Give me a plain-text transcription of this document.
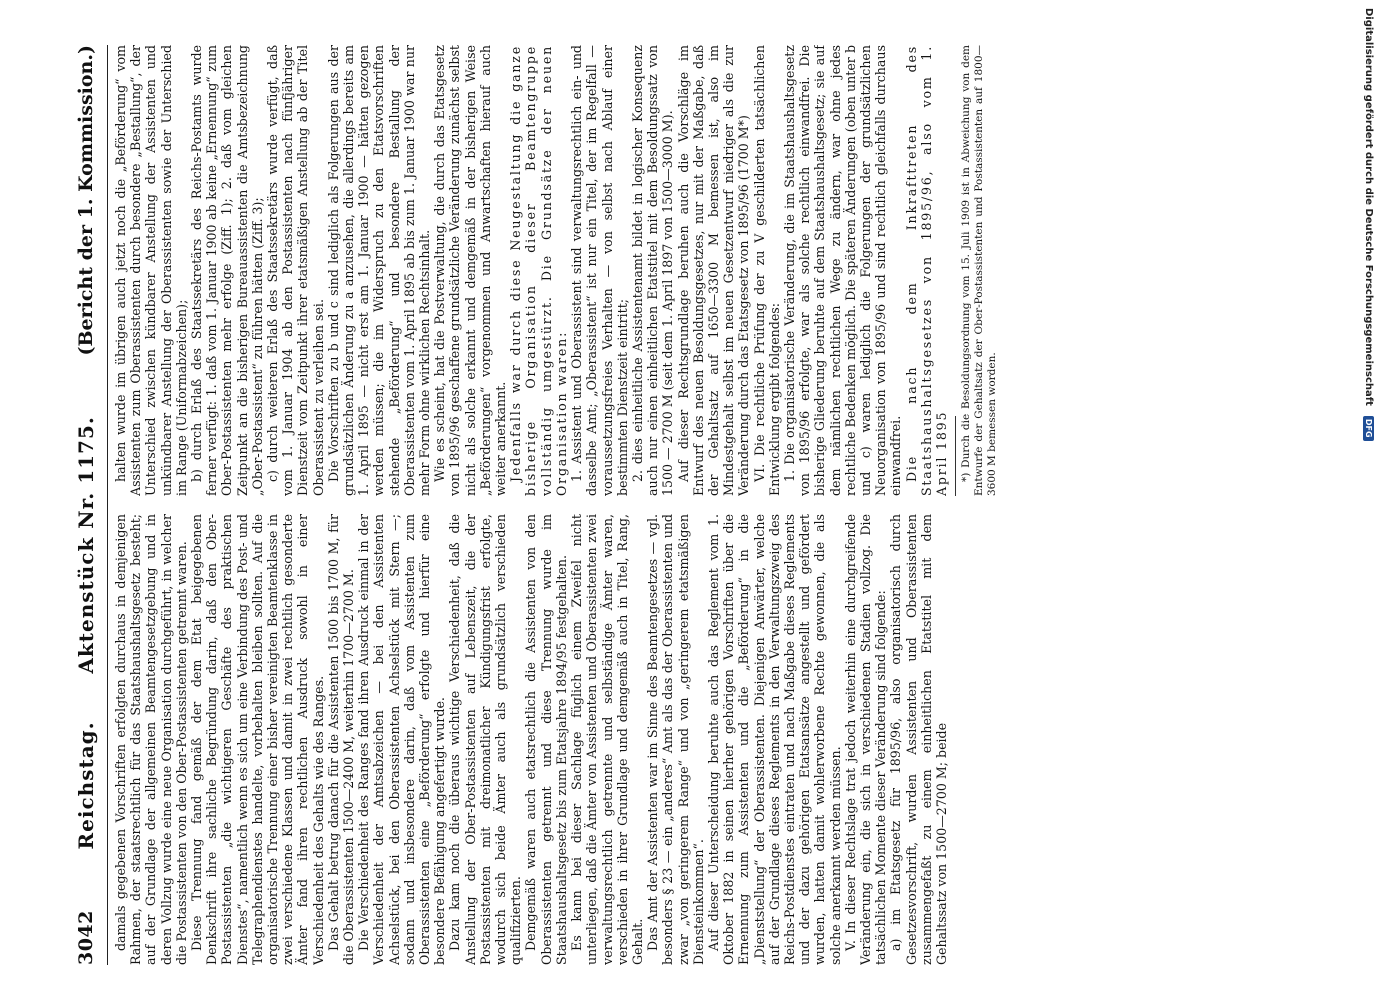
3042
Reichstag.      Aktenstück Nr. 1175.
(Bericht der 1. Kommission.)

damals gegebenen Vorschriften erfolgten durchaus in demjenigen Rahmen, der staatsrechtlich für das Staatshaushaltsgesetz besteht; auf der Grundlage der allgemeinen Beamtengesetzgebung und in deren Vollzug wurde eine neue Organisation durchgeführt, in welcher die Postassistenten von den Ober-Postassistenten getrennt waren. Diese Trennung fand gemäß der dem Etat beigegebenen Denkschrift ihre sachliche Begründung darin, daß den Ober-Postassistenten „die wichtigeren Geschäfte des praktischen Dienstes“, namentlich wenn es sich um eine Verbindung des Post- und Telegraphendienstes handelte, vorbehalten bleiben sollten. Auf die organisatorische Trennung einer bisher vereinigten Beamtenklasse in zwei verschiedene Klassen und damit in zwei rechtlich gesonderte Ämter fand ihren rechtlichen Ausdruck sowohl in einer Verschiedenheit des Gehalts wie des Ranges. Das Gehalt betrug danach für die Assistenten 1500 bis 1700 M, für die Oberassistenten 1500—2400 M, weiterhin 1700—2700 M. Die Verschiedenheit des Ranges fand ihren Ausdruck einmal in der Verschiedenheit der Amtsabzeichen — bei den Assistenten Achselstück, bei den Oberassistenten Achselstück mit Stern —; sodann und insbesondere darin, daß vom Assistenten zum Oberassistenten eine „Beförderung“ erfolgte und hierfür eine besondere Befähigung angefertigt wurde. Dazu kam noch die überaus wichtige Verschiedenheit, daß die Anstellung der Ober-Postassistenten auf Lebenszeit, die der Postassistenten mit dreimonatlicher Kündigungsfrist erfolgte, wodurch sich beide Ämter auch als grundsätzlich verschieden qualifizierten. Demgemäß waren auch etatsrechtlich die Assistenten von den Oberassistenten getrennt und diese Trennung wurde im Staatshaushaltsgesetz bis zum Etatsjahre 1894/95 festgehalten. Es kann bei dieser Sachlage füglich einem Zweifel nicht unterliegen, daß die Ämter von Assistenten und Oberassistenten zwei verwaltungsrechtlich getrennte und selbständige Ämter waren, verschieden in ihrer Grundlage und demgemäß auch in Titel, Rang, Gehalt. Das Amt der Assistenten war im Sinne des Beamtengesetzes — vgl. besonders § 23 — ein „anderes“ Amt als das der Oberassistenten und zwar „von geringerem Range“ und von „geringerem etatsmäßigen Diensteinkommen“. Auf dieser Unterscheidung beruhte auch das Reglement vom 1. Oktober 1882 in seinen hierher gehörigen Vorschriften über die Ernennung zum Assistenten und die „Beförderung“ in die „Dienststellung“ der Oberassistenten. Diejenigen Anwärter, welche auf der Grundlage dieses Reglements in den Verwaltungszweig des Reichs-Postdienstes eintraten und nach Maßgabe dieses Reglements und der dazu gehörigen Etatsansätze angestellt und gefördert wurden, hatten damit wohlerworbene Rechte gewonnen, die als solche anerkannt werden müssen. V. In dieser Rechtslage trat jedoch weiterhin eine durchgreifende Veränderung ein, die sich in verschiedenen Stadien vollzog. Die tatsächlichen Momente dieser Veränderung sind folgende: a) im Etatsgesetz für 1895/96, also organisatorisch durch Gesetzesvorschrift, wurden Assistenten und Oberassistenten zusammengefaßt zu einem einheitlichen Etatstitel mit dem Gehaltssatz von 1500—2700 M; beide

halten wurde im übrigen auch jetzt noch die „Beförderung“ vom Assistenten zum Oberassistenten durch besondere „Bestallung“, der Unterschied zwischen kündbarer Anstellung der Assistenten und unkündbarer Anstellung der Oberassistenten sowie der Unterschied im Range (Uniformabzeichen); b) durch Erlaß des Staatssekretärs des Reichs-Postamts wurde ferner verfügt: 1. daß vom 1. Januar 1900 ab keine „Ernennung“ zum Ober-Postassistenten mehr erfolge (Ziff. 1); 2. daß vom gleichen Zeitpunkt an die bisherigen Bureauassistenten die Amtsbezeichnung „Ober-Postassistent“ zu führen hätten (Ziff. 3); c) durch weiteren Erlaß des Staatssekretärs wurde verfügt, daß vom 1. Januar 1904 ab den Postassistenten nach fünfjähriger Dienstzeit vom Zeitpunkt ihrer etatsmäßigen Anstellung ab der Titel Oberassistent zu verleihen sei. Die Vorschriften zu b und c sind lediglich als Folgerungen aus der grundsätzlichen Änderung zu a anzusehen, die allerdings bereits am 1. April 1895 — nicht erst am 1. Januar 1900 — hätten gezogen werden müssen; die im Widerspruch zu den Etatsvorschriften stehende „Beförderung“ und besondere Bestallung der Oberassistenten vom 1. April 1895 ab bis zum 1. Januar 1900 war nur mehr Form ohne wirklichen Rechtsinhalt. Wie es scheint, hat die Postverwaltung, die durch das Etatsgesetz von 1895/96 geschaffene grundsätzliche Veränderung zunächst selbst nicht als solche erkannt und demgemäß in der bisherigen Weise „Beförderungen“ vorgenommen und Anwartschaften hierauf auch weiter anerkannt. Jedenfalls war durch diese Neugestaltung die ganze bisherige Organisation dieser Beamtengruppe vollständig umgestürzt. Die Grundsätze der neuen Organisation waren: 1. Assistent und Oberassistent sind verwaltungsrechtlich ein- und dasselbe Amt; „Oberassistent“ ist nur ein Titel, der im Regelfall — voraussetzungsfreies Verhalten — von selbst nach Ablauf einer bestimmten Dienstzeit eintritt; 2. dies einheitliche Assistentenamt bildet in logischer Konsequenz auch nur einen einheitlichen Etatstitel mit dem Besoldungssatz von 1500 — 2700 M (seit dem 1. April 1897 von 1500—3000 M). Auf dieser Rechtsgrundlage beruhen auch die Vorschläge im Entwurf des neuen Besoldungsgesetzes, nur mit der Maßgabe, daß der Gehaltsatz auf 1650—3300 M bemessen ist, also im Mindestgehalt selbst im neuen Gesetzentwurf niedriger als die zur Veränderung durch das Etatsgesetz von 1895/96 (1700 M*) VI. Die rechtliche Prüfung der zu V geschilderten tatsächlichen Entwicklung ergibt folgendes: 1. Die organisatorische Veränderung, die im Staatshaushaltsgesetz von 1895/96 erfolgte, war als solche rechtlich einwandfrei. Die bisherige Gliederung beruhte auf dem Staatshaushaltsgesetz; sie auf dem nämlichen rechtlichen Wege zu ändern, war ohne jedes rechtliche Bedenken möglich. Die späteren Änderungen (oben unter b und c) waren lediglich die Folgerungen der grundsätzlichen Neuorganisation von 1895/96 und sind rechtlich gleichfalls durchaus einwandfrei. Die nach dem Inkrafttreten des Staatshaushaltsgesetzes von 1895/96, also vom 1. April 1895 *) Durch die Besoldungsordnung vom 15. Juli 1909 ist in Abweichung von dem Entwurfe der Gehaltsatz der Ober-Postassistenten und Postassistenten auf 1800—3600 M bemessen worden.

Digitalisierung gefördert durch die Deutsche Forschungsgemeinschaft
DFG
